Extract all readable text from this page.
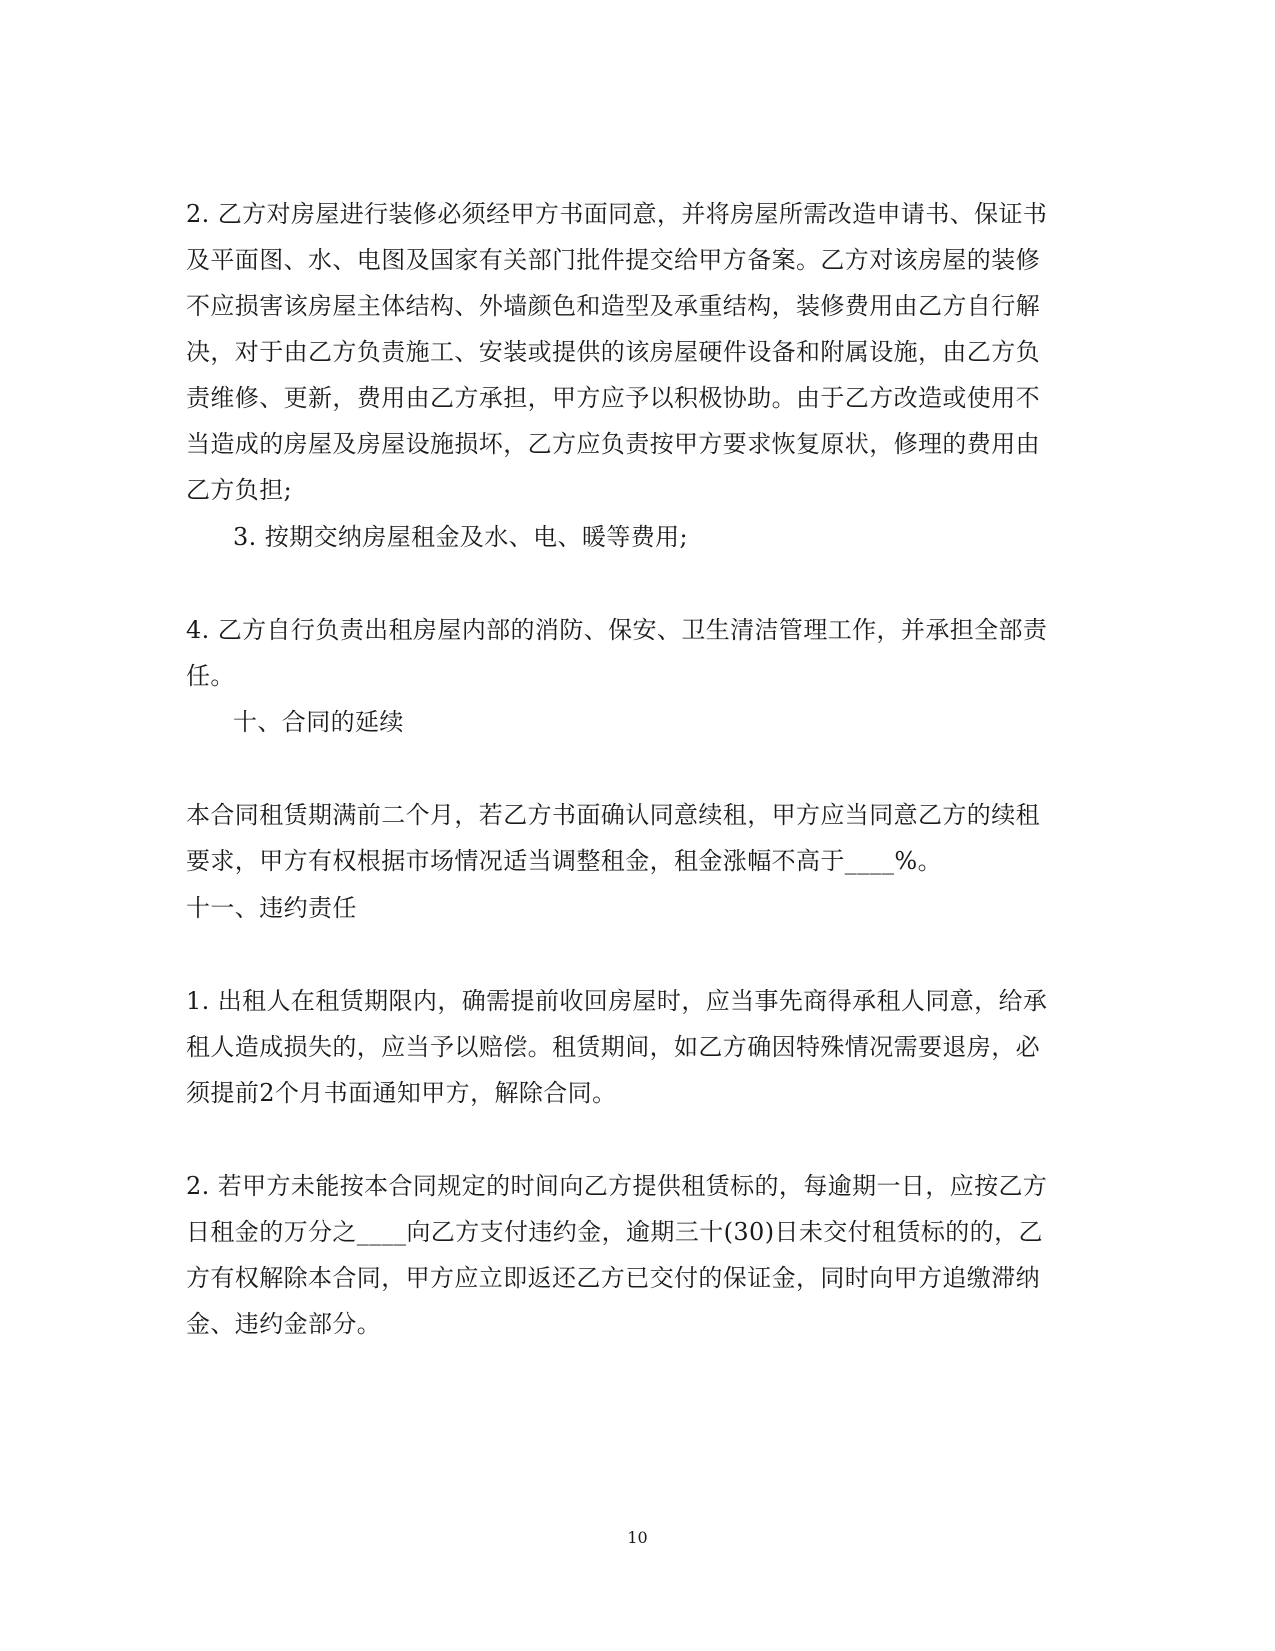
2. 乙方对房屋进行装修必须经甲方书面同意，并将房屋所需改造申请书、保证书
及平面图、水、电图及国家有关部门批件提交给甲方备案。乙方对该房屋的装修
不应损害该房屋主体结构、外墙颜色和造型及承重结构，装修费用由乙方自行解
决，对于由乙方负责施工、安装或提供的该房屋硬件设备和附属设施，由乙方负
责维修、更新，费用由乙方承担，甲方应予以积极协助。由于乙方改造或使用不
当造成的房屋及房屋设施损坏，乙方应负责按甲方要求恢复原状，修理的费用由
乙方负担;
3. 按期交纳房屋租金及水、电、暖等费用;
4. 乙方自行负责出租房屋内部的消防、保安、卫生清洁管理工作，并承担全部责
任。
十、合同的延续
本合同租赁期满前二个月，若乙方书面确认同意续租，甲方应当同意乙方的续租
要求，甲方有权根据市场情况适当调整租金，租金涨幅不高于____%。
十一、违约责任
1. 出租人在租赁期限内，确需提前收回房屋时，应当事先商得承租人同意，给承
租人造成损失的，应当予以赔偿。租赁期间，如乙方确因特殊情况需要退房，必
须提前2个月书面通知甲方，解除合同。
2. 若甲方未能按本合同规定的时间向乙方提供租赁标的，每逾期一日，应按乙方
日租金的万分之____向乙方支付违约金，逾期三十(30)日未交付租赁标的的，乙
方有权解除本合同，甲方应立即返还乙方已交付的保证金，同时向甲方追缴滞纳
金、违约金部分。
10
